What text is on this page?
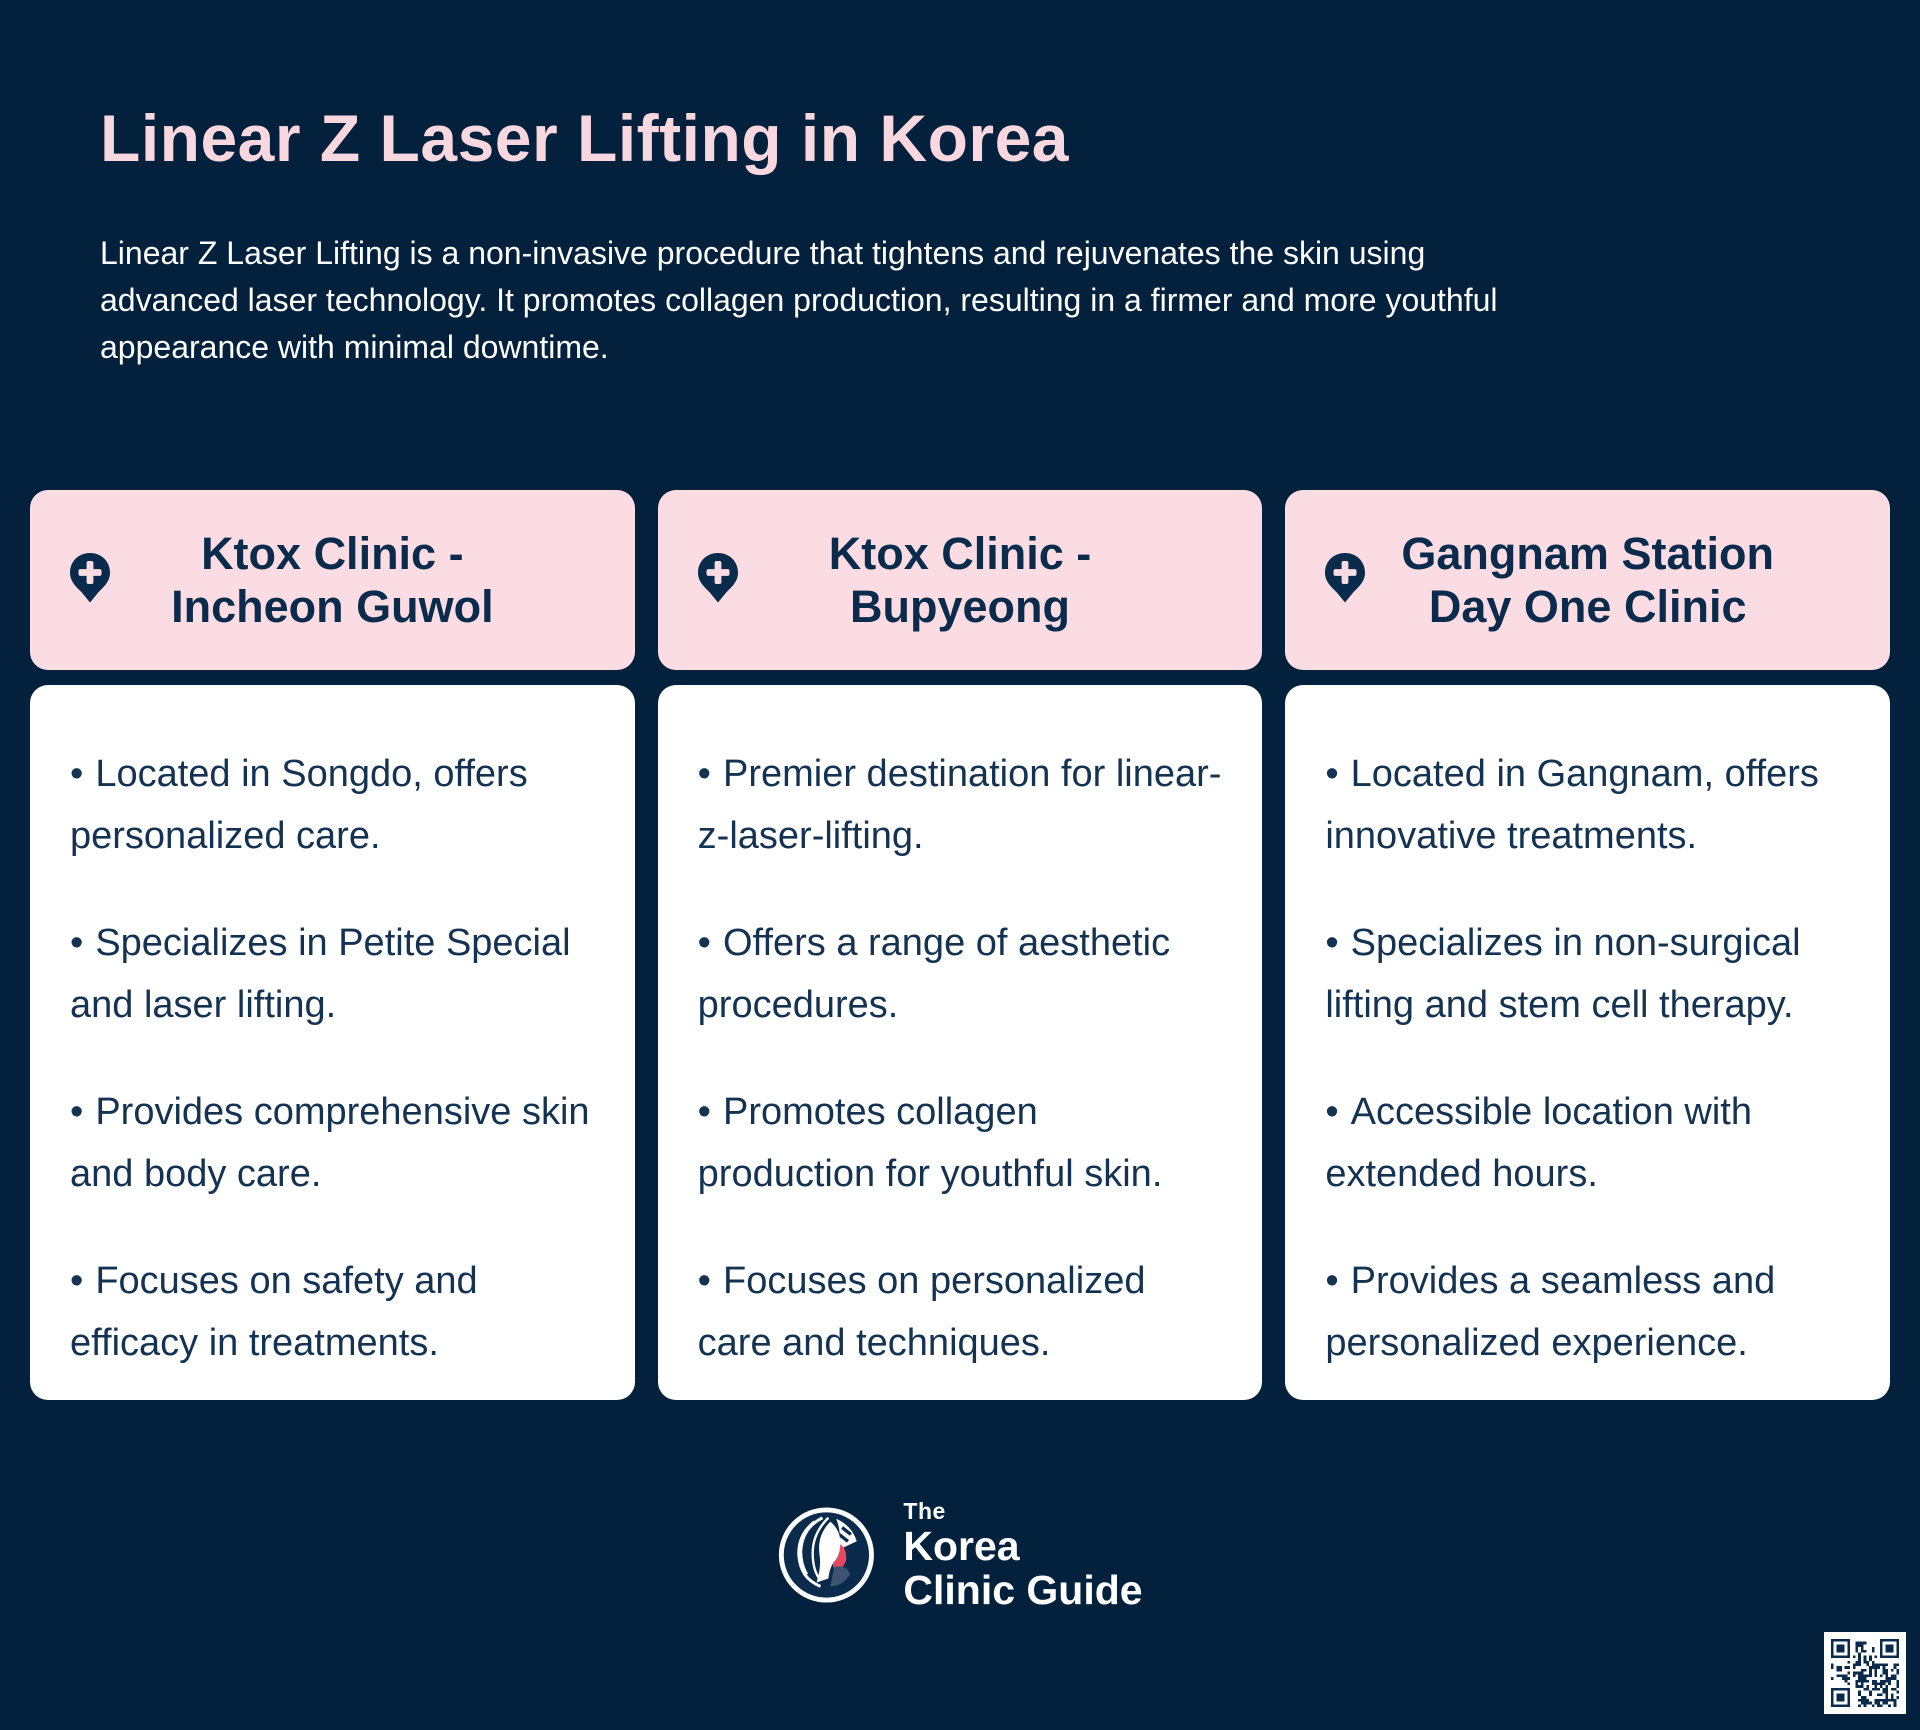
Linear Z Laser Lifting in Korea

Linear Z Laser Lifting is a non-invasive procedure that tightens and rejuvenates the skin using advanced laser technology. It promotes collagen production, resulting in a firmer and more youthful appearance with minimal downtime.

Ktox Clinic -
Incheon Guwol

• Located in Songdo, offers personalized care.

• Specializes in Petite Special and laser lifting.

• Provides comprehensive skin and body care.

• Focuses on safety and efficacy in treatments.

Ktox Clinic -
Bupyeong

• Premier destination for linear-z-laser-lifting.

• Offers a range of aesthetic procedures.

• Promotes collagen production for youthful skin.

• Focuses on personalized care and techniques.

Gangnam Station
Day One Clinic

• Located in Gangnam, offers innovative treatments.

• Specializes in non-surgical lifting and stem cell therapy.

• Accessible location with extended hours.

• Provides a seamless and personalized experience.

The
Korea
Clinic Guide
